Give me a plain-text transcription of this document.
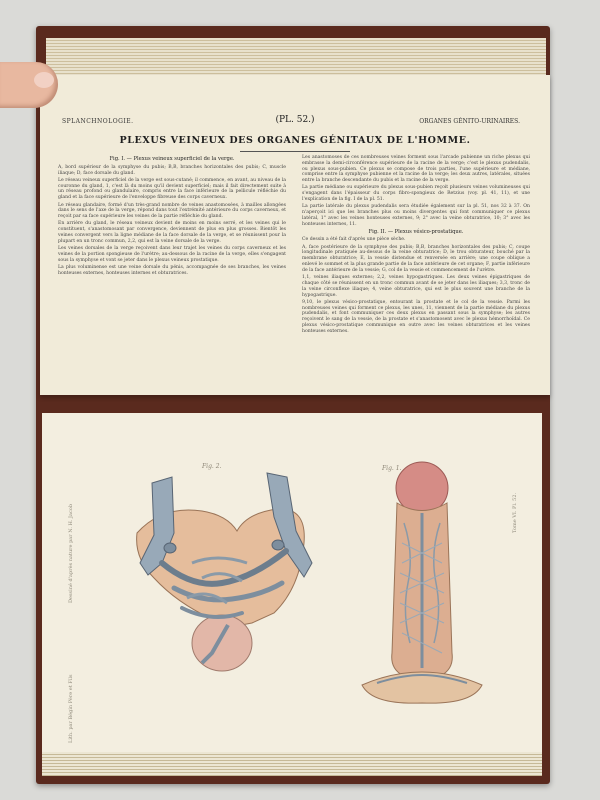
SPLANCHNOLOGIE.	(PL. 52.)	ORGANES GÉNITO-URINAIRES.
PLEXUS VEINEUX DES ORGANES GÉNITAUX DE L'HOMME.

Fig. I. — Plexus veineux superficiel de la verge.

A, bord supérieur de la symphyse du pubis; B,B, branches horizontales des pubis; C, muscle iliaque; D, face dorsale du gland.

Le réseau veineux superficiel de la verge est sous-cutané; il commence, en avant, au niveau de la couronne du gland, 1, c'est là du moins qu'il devient superficiel; mais il fait directement suite à un réseau profond ou glandulaire, compris entre la face inférieure de la pellicule réfléchie du gland et la face supérieure de l'enveloppe fibreuse des corps caverneux.

Le réseau glandaire, formé d'un très-grand nombre de veines anastomosées, à mailles allongées dans le sens de l'axe de la verge, répond dans tout l'extrémité antérieure du corps caverneux, et reçoit par sa face supérieure les veines de la partie réfléchie du gland.

En arrière du gland, le réseau veineux devient de moins en moins serré, et les veines qui le constituent, s'anastomosant par convergence, deviennent de plus en plus grosses. Bientôt les veines convergent vers la ligne médiane de la face dorsale de la verge, et se réunissent pour la plupart en un tronc commun, 2,2, qui est la veine dorsale de la verge.

Les veines dorsales de la verge reçoivent dans leur trajet les veines du corps caverneux et les veines de la portion spongieuse de l'urètre; au-dessous de la racine de la verge, elles s'engagent sous la symphyse et vont se jeter dans le plexus veineux prostatique.

La plus voluminense est une veine dorsale du pénis, accompagnée de ses branches, les veines honteuses externes, honteuses internes et obturatrices.

Les anastomoses de ces nombreuses veines forment sous l'arcade pubienne un riche plexus qui embrasse la demi-circonférence supérieure de la racine de la verge; c'est le plexus pudendalis, ou plexus sous-pubien. Ce plexus se compose de trois parties, l'une supérieure et médiane, comprise entre la symphyse pubienne et la racine de la verge; les deux autres, latérales, situées entre la branche descendante du pubis et la racine de la verge.

La partie médiane ou supérieure du plexus sous-pubien reçoit plusieurs veines volumineuses qui s'engagent dans l'épaisseur du corps fibro-spongieux de Retzius (voy. pl. 41, 11), et une l'explication de la fig. I de la pl. 51.

La partie latérale du plexus pudendalis sera étudiée également sur la pl. 51, nos 32 à 37. On n'aperçoit ici que les branches plus ou moins divergentes qui font communiquer ce plexus latéral, 1° avec les veines honteuses externes, 9; 2° avec la veine obturatrice, 10; 3° avec les honteuses internes, 11.

Fig. II. — Plexus vésico-prostatique.

Ce dessin a été fait d'après une pièce sèche.

A, face postérieure de la symphyse des pubis; B,B, branches horizontales des pubis; C, coupe longitudinale pratiquée au-dessus de la veine obturatrice; D, le trou obturateur, bouché par la membrane obturatrice; E, la vessie distendue et renversée en arrière; une coupe oblique a enlevé le sommet et la plus grande partie de la face antérieure de cet organe; F, partie inférieure de la face antérieure de la vessie; G, col de la vessie et commencement de l'urètre.

1,1, veines iliaques externes; 2,2, veines hypogastriques. Les deux veines épigastriques de chaque côté se réunissent en un tronc commun avant de se jeter dans les iliaques; 3,3, tronc de la veine circonflexe iliaque; 4, veine obturatrice, qui est le plus souvent une branche de la hypogastrique.

9,10, le plexus vésico-prostatique, entourant la prostate et le col de la vessie. Parmi les nombreuses veines qui forment ce plexus, les unes, 11, viennent de la partie médiane du plexus pudendalis, et font communiquer ces deux plexus en passant sous la symphyse; les autres reçoivent le sang de la vessie, de la prostate et s'anastomosent avec le plexus hémorrhoïdal. Ce plexus vésico-prostatique communique en outre avec les veines obturatrices et les veines honteuses externes.

Fig. 2.	Fig. 1.
Dessiné d'après nature par N. H. Jacob
Lith. par Bégin Père et Fils
Tome VI. Pl. 52.
